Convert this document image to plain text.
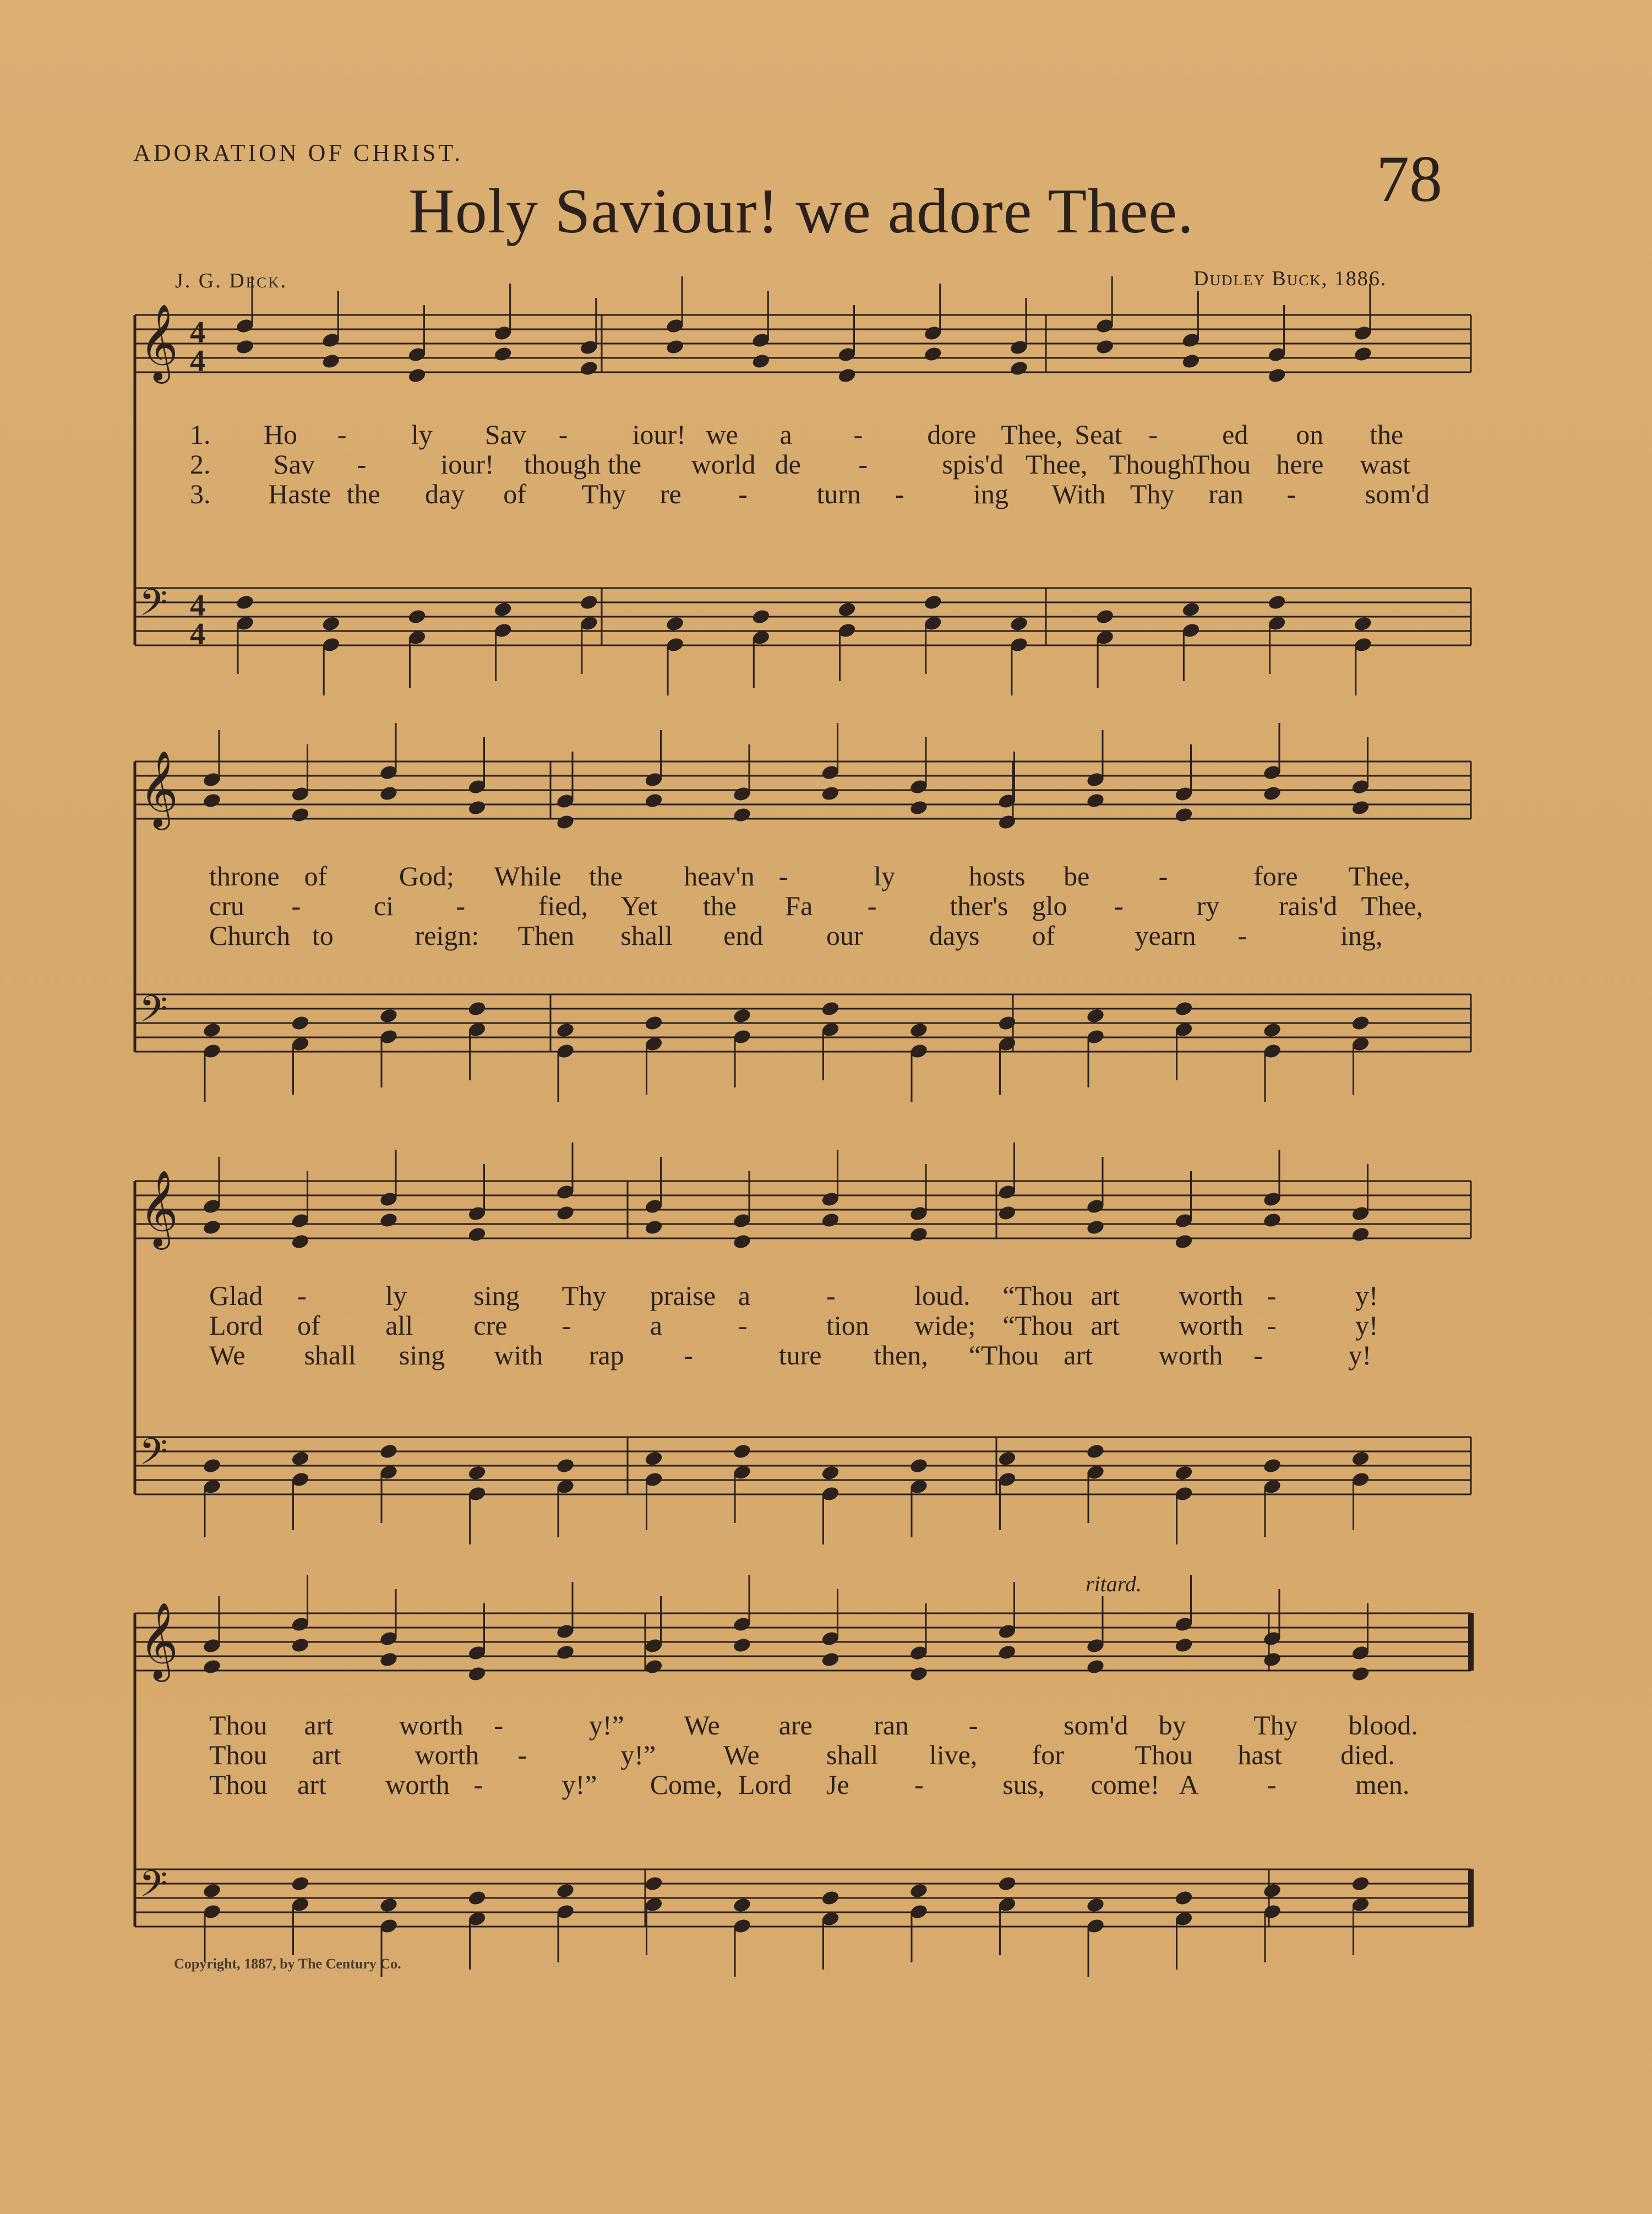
ADORATION OF CHRIST.
Holy Saviour! we adore Thee.	78
J. G. Deck.	Dudley Buck, 1886.
Copyright, 1887, by The Century Co.
𝄞 4
4
𝄢 4
4
𝄞
𝄢
𝄞
𝄢
𝄞
𝄢
1. Ho - ly Sav - iour! we a - dore Thee, Seat - ed on the
2. Sav -	iour! though the world de -	spis'd Thee, Though
Thou here wast
3. Haste the day of Thy re -	turn -	ing With Thy ran -	som'd
throne of	God; While the heav'n -	ly	hosts be	-	fore Thee,
cru -	ci -	fied, Yet the Fa -	ther's glo -	ry rais'd Thee,
Church to	reign: Then shall end our days of	yearn -	ing,
Glad -	ly sing Thy praise a	-	loud. “Thou art worth -	y!
Lord of all cre -	a	-	tion wide; “Thou art worth -	y!
We shall sing with rap -	ture then, “Thou art worth -	y!
Thou art worth -	y!” We are ran -	som'd by Thy blood.
Thou art	worth -	y!” We shall live, for	Thou hast died.
Thou art worth -	y!” Come, Lord Je -	sus, come! A -	men.
ritard.
